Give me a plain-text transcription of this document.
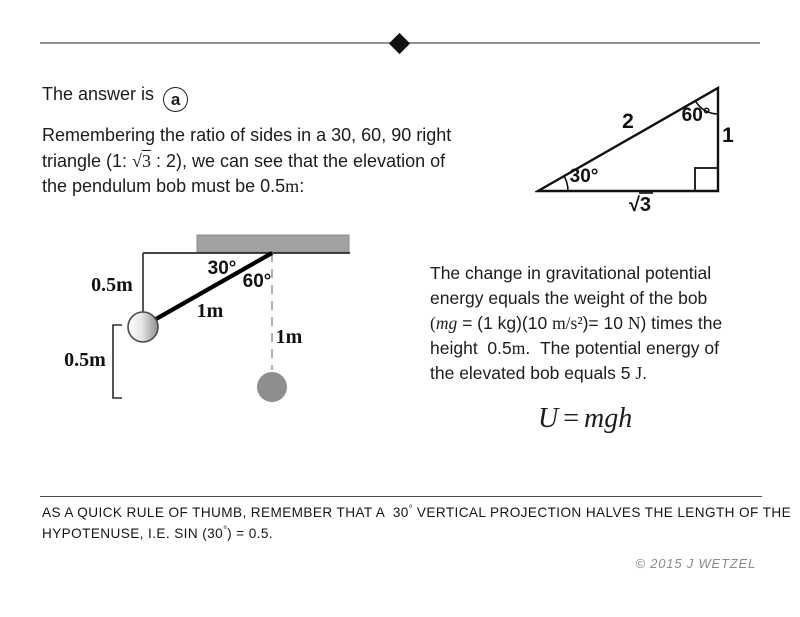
The answer is a
Remembering the ratio of sides in a 30, 60, 90 right
triangle (1: √3 : 2), we can see that the elevation of
the pendulum bob must be 0.5m:
2	60°
1
30°
√3
0.5m
30°
60°
1m
1m
0.5m
The change in gravitational potential
energy equals the weight of the bob
(mg = (1 kg)(10 m/s²)= 10 N) times the
height  0.5m.  The potential energy of
the elevated bob equals 5 J.
U = mgh
AS A QUICK RULE OF THUMB, REMEMBER THAT A  30° VERTICAL PROJECTION HALVES THE LENGTH OF THE
HYPOTENUSE, I.E. SIN (30°) = 0.5.
© 2015 J WETZEL
